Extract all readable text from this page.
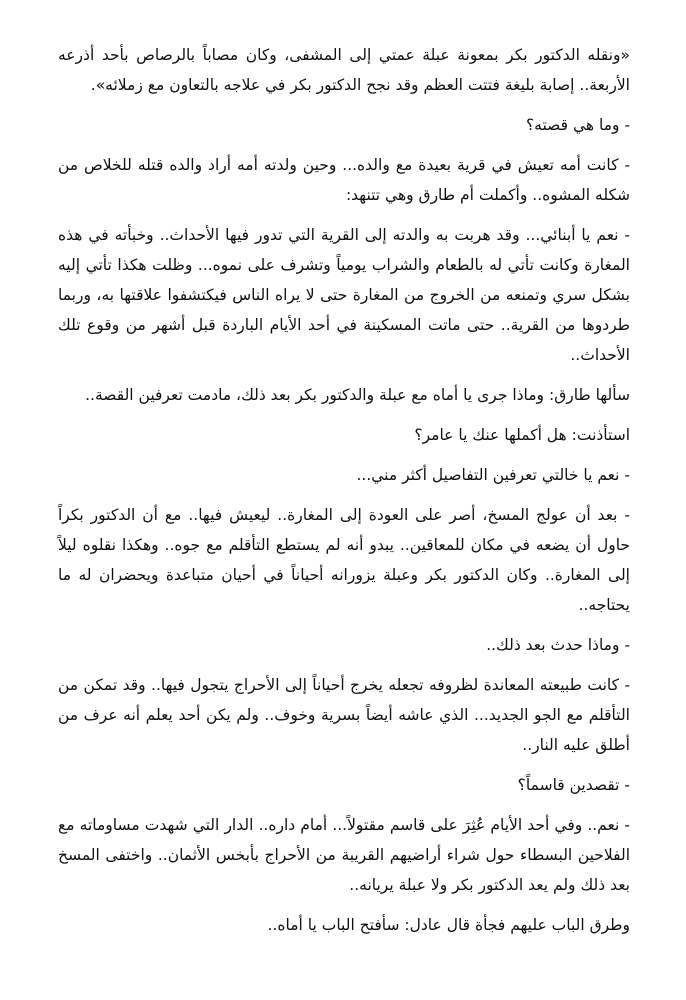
«ونقله الدكتور بكر بمعونة عبلة عمتي إلى المشفى، وكان مصاباً بالرصاص بأحد أذرعه الأربعة.. إصابة بليغة فتتت العظم وقد نجح الدكتور بكر في علاجه بالتعاون مع زملائه».

- وما هي قصته؟

- كانت أمه تعيش في قرية بعيدة مع والده... وحين ولدته أمه أراد والده قتله للخلاص من شكله المشوه.. وأكملت أم طارق وهي تتنهد:

- نعم يا أبنائي... وقد هربت به والدته إلى القرية التي تدور فيها الأحداث.. وخبأته في هذه المغارة وكانت تأتي له بالطعام والشراب يومياً وتشرف على نموه... وظلت هكذا تأتي إليه بشكل سري وتمنعه من الخروج من المغارة حتى لا يراه الناس فيكتشفوا علاقتها به، وربما طردوها من القرية.. حتى ماتت المسكينة في أحد الأيام الباردة قبل أشهر من وقوع تلك الأحداث..

سألها طارق: وماذا جرى يا أماه مع عبلة والدكتور بكر بعد ذلك، مادمت تعرفين القصة..

استأذنت: هل أكملها عنك يا عامر؟

- نعم يا خالتي تعرفين التفاصيل أكثر مني...

- بعد أن عولج المسخ، أصر على العودة إلى المغارة.. ليعيش فيها.. مع أن الدكتور بكراً حاول أن يضعه في مكان للمعاقين.. يبدو أنه لم يستطع التأقلم مع جوه.. وهكذا نقلوه ليلاً إلى المغارة.. وكان الدكتور بكر وعبلة يزورانه أحياناً في أحيان متباعدة ويحضران له ما يحتاجه..

- وماذا حدث بعد ذلك..

- كانت طبيعته المعاندة لظروفه تجعله يخرج أحياناً إلى الأحراج يتجول فيها.. وقد تمكن من التأقلم مع الجو الجديد... الذي عاشه أيضاً بسرية وخوف.. ولم يكن أحد يعلم أنه عرف من أطلق عليه النار..

- تقصدين قاسماً؟

- نعم.. وفي أحد الأيام عُثِرَ على قاسم مقتولاً... أمام داره.. الدار التي شهدت مساوماته مع الفلاحين البسطاء حول شراء أراضيهم القريبة من الأحراج بأبخس الأثمان.. واختفى المسخ بعد ذلك ولم يعد الدكتور بكر ولا عبلة يريانه..

وطرق الباب عليهم فجأة قال عادل: سأفتح الباب يا أماه..
